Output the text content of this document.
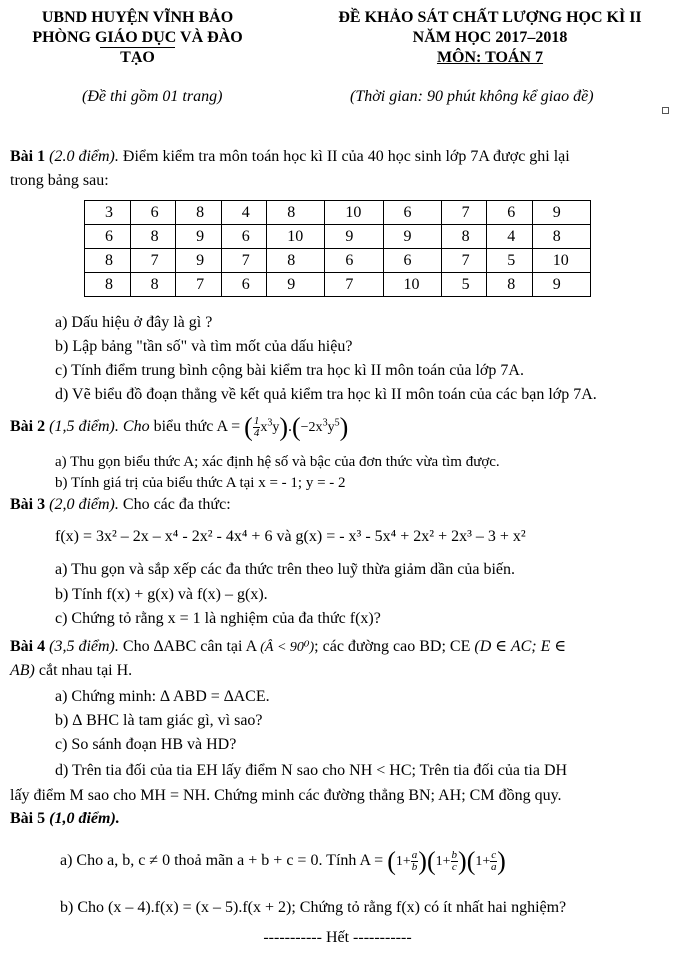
UBND HUYỆN VĨNH BẢO
PHÒNG GIÁO DỤC VÀ ĐÀO TẠO
ĐỀ KHẢO SÁT CHẤT LƯỢNG HỌC KÌ II
NĂM HỌC 2017–2018
MÔN: TOÁN 7
(Đề thi gồm 01 trang)	(Thời gian: 90 phút không kể giao đề)
Bài 1 (2.0 điểm). Điểm kiểm tra môn toán học kì II của 40 học sinh lớp 7A được ghi lại
trong bảng sau:
3	6	8	4	8	10	6	7	6	9
6	8	9	6	10	9	9	8	4	8
8	7	9	7	8	6	6	7	5	10
8	8	7	6	9	7	10	5	8	9
a) Dấu hiệu ở đây là gì ?
b) Lập bảng "tần số" và tìm mốt của dấu hiệu?
c) Tính điểm trung bình cộng bài kiểm tra học kì II môn toán của lớp 7A.
d) Vẽ biểu đồ đoạn thẳng về kết quả kiểm tra học kì II môn toán của các bạn lớp 7A.
Bài 2 (1,5 điểm). Cho biểu thức A = ( $\frac{1}{4} x^3y).(-2x^3y^5)$
a) Thu gọn biểu thức A; xác định hệ số và bậc của đơn thức vừa tìm được.
b) Tính giá trị của biểu thức A tại x = - 1; y = - 2
Bài 3 (2,0 điểm). Cho các đa thức:
f(x) = 3x² – 2x – x⁴ - 2x² - 4x⁴ + 6 và g(x) = - x³ - 5x⁴ + 2x² + 2x³ – 3 + x²
a) Thu gọn và sắp xếp các đa thức trên theo luỹ thừa giảm dần của biến.
b) Tính f(x) + g(x) và f(x) – g(x).
c) Chứng tỏ rằng x = 1 là nghiệm của đa thức f(x)?
Bài 4 (3,5 điểm). Cho ∆ABC cân tại A (Â < 90⁰); các đường cao BD; CE (D ∈ AC; E ∈
AB) cắt nhau tại H.
a) Chứng minh: ∆ ABD = ∆ACE.
b) ∆ BHC là tam giác gì, vì sao?
c) So sánh đoạn HB và HD?
d) Trên tia đối của tia EH lấy điểm N sao cho NH < HC; Trên tia đối của tia DH
lấy điểm M sao cho MH = NH. Chứng minh các đường thẳng BN; AH; CM đồng quy.
Bài 5 (1,0 điểm).
a) Cho a, b, c ≠ 0 thoả mãn a + b + c = 0. Tính $A = (1+ \frac{a}{b} )(1+ \frac{b}{c} )(1+ \frac{c}{a}$ )
b) Cho (x – 4).f(x) = (x – 5).f(x + 2); Chứng tỏ rằng f(x) có ít nhất hai nghiệm?
----------- Hết -----------
